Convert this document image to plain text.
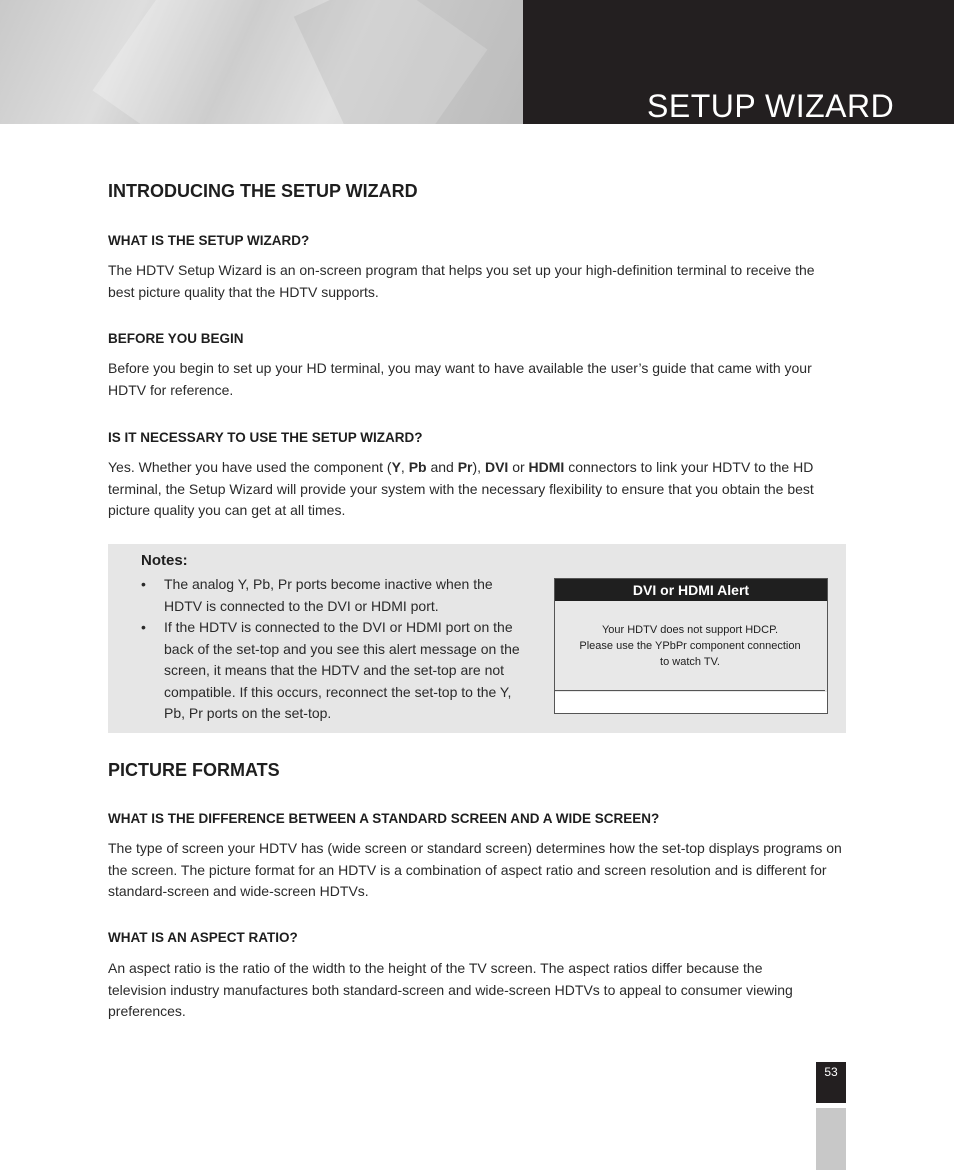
SETUP WIZARD
INTRODUCING THE SETUP WIZARD
WHAT IS THE SETUP WIZARD?

The HDTV Setup Wizard is an on-screen program that helps you set up your high-definition terminal to receive the best picture quality that the HDTV supports.

BEFORE YOU BEGIN

Before you begin to set up your HD terminal, you may want to have available the user’s guide that came with your HDTV for reference.

IS IT NECESSARY TO USE THE SETUP WIZARD?

Yes. Whether you have used the component (Y, Pb and Pr), DVI or HDMI connectors to link your HDTV to the HD terminal, the Setup Wizard will provide your system with the necessary flexibility to ensure that you obtain the best picture quality you can get at all times.

Notes:

• The analog Y, Pb, Pr ports become inactive when the HDTV is connected to the DVI or HDMI port.
• If the HDTV is connected to the DVI or HDMI port on the back of the set-top and you see this alert message on the screen, it means that the HDTV and the set-top are not compatible. If this occurs, reconnect the set-top to the Y, Pb, Pr ports on the set-top.
DVI or HDMI Alert
Your HDTV does not support HDCP.
Please use the YPbPr component connection
to watch TV.
PICTURE FORMATS
WHAT IS THE DIFFERENCE BETWEEN A STANDARD SCREEN AND A WIDE SCREEN?

The type of screen your HDTV has (wide screen or standard screen) determines how the set-top displays programs on the screen. The picture format for an HDTV is a combination of aspect ratio and screen resolution and is different for standard-screen and wide-screen HDTVs.

WHAT IS AN ASPECT RATIO?

An aspect ratio is the ratio of the width to the height of the TV screen. The aspect ratios differ because the television industry manufactures both standard-screen and wide-screen HDTVs to appeal to consumer viewing preferences.

53
